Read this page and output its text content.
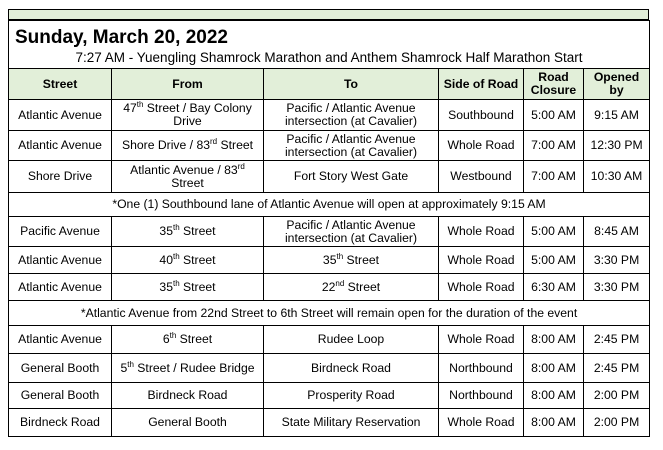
Sunday, March 20, 2022					
7:27 AM - Yuengling Shamrock Marathon and Anthem Shamrock Half Marathon Start					
Street	From	To	Side of Road	Road Closure	Opened by
Atlantic Avenue	47th Street / Bay Colony Drive	Pacific / Atlantic Avenue intersection (at Cavalier)	Southbound	5:00 AM	9:15 AM
Atlantic Avenue	Shore Drive / 83rd Street	Pacific / Atlantic Avenue intersection (at Cavalier)	Whole Road	7:00 AM	12:30 PM
Shore Drive	Atlantic Avenue / 83rd Street	Fort Story West Gate	Westbound	7:00 AM	10:30 AM
*One (1) Southbound lane of Atlantic Avenue will open at approximately 9:15 AM					
Pacific Avenue	35th Street	Pacific / Atlantic Avenue intersection (at Cavalier)	Whole Road	5:00 AM	8:45 AM
Atlantic Avenue	40th Street	35th Street	Whole Road	5:00 AM	3:30 PM
Atlantic Avenue	35th Street	22nd Street	Whole Road	6:30 AM	3:30 PM
*Atlantic Avenue from 22nd Street to 6th Street will remain open for the duration of the event					
Atlantic Avenue	6th Street	Rudee Loop	Whole Road	8:00 AM	2:45 PM
General Booth	5th Street / Rudee Bridge	Birdneck Road	Northbound	8:00 AM	2:45 PM
General Booth	Birdneck Road	Prosperity Road	Northbound	8:00 AM	2:00 PM
Birdneck Road	General Booth	State Military Reservation	Whole Road	8:00 AM	2:00 PM
